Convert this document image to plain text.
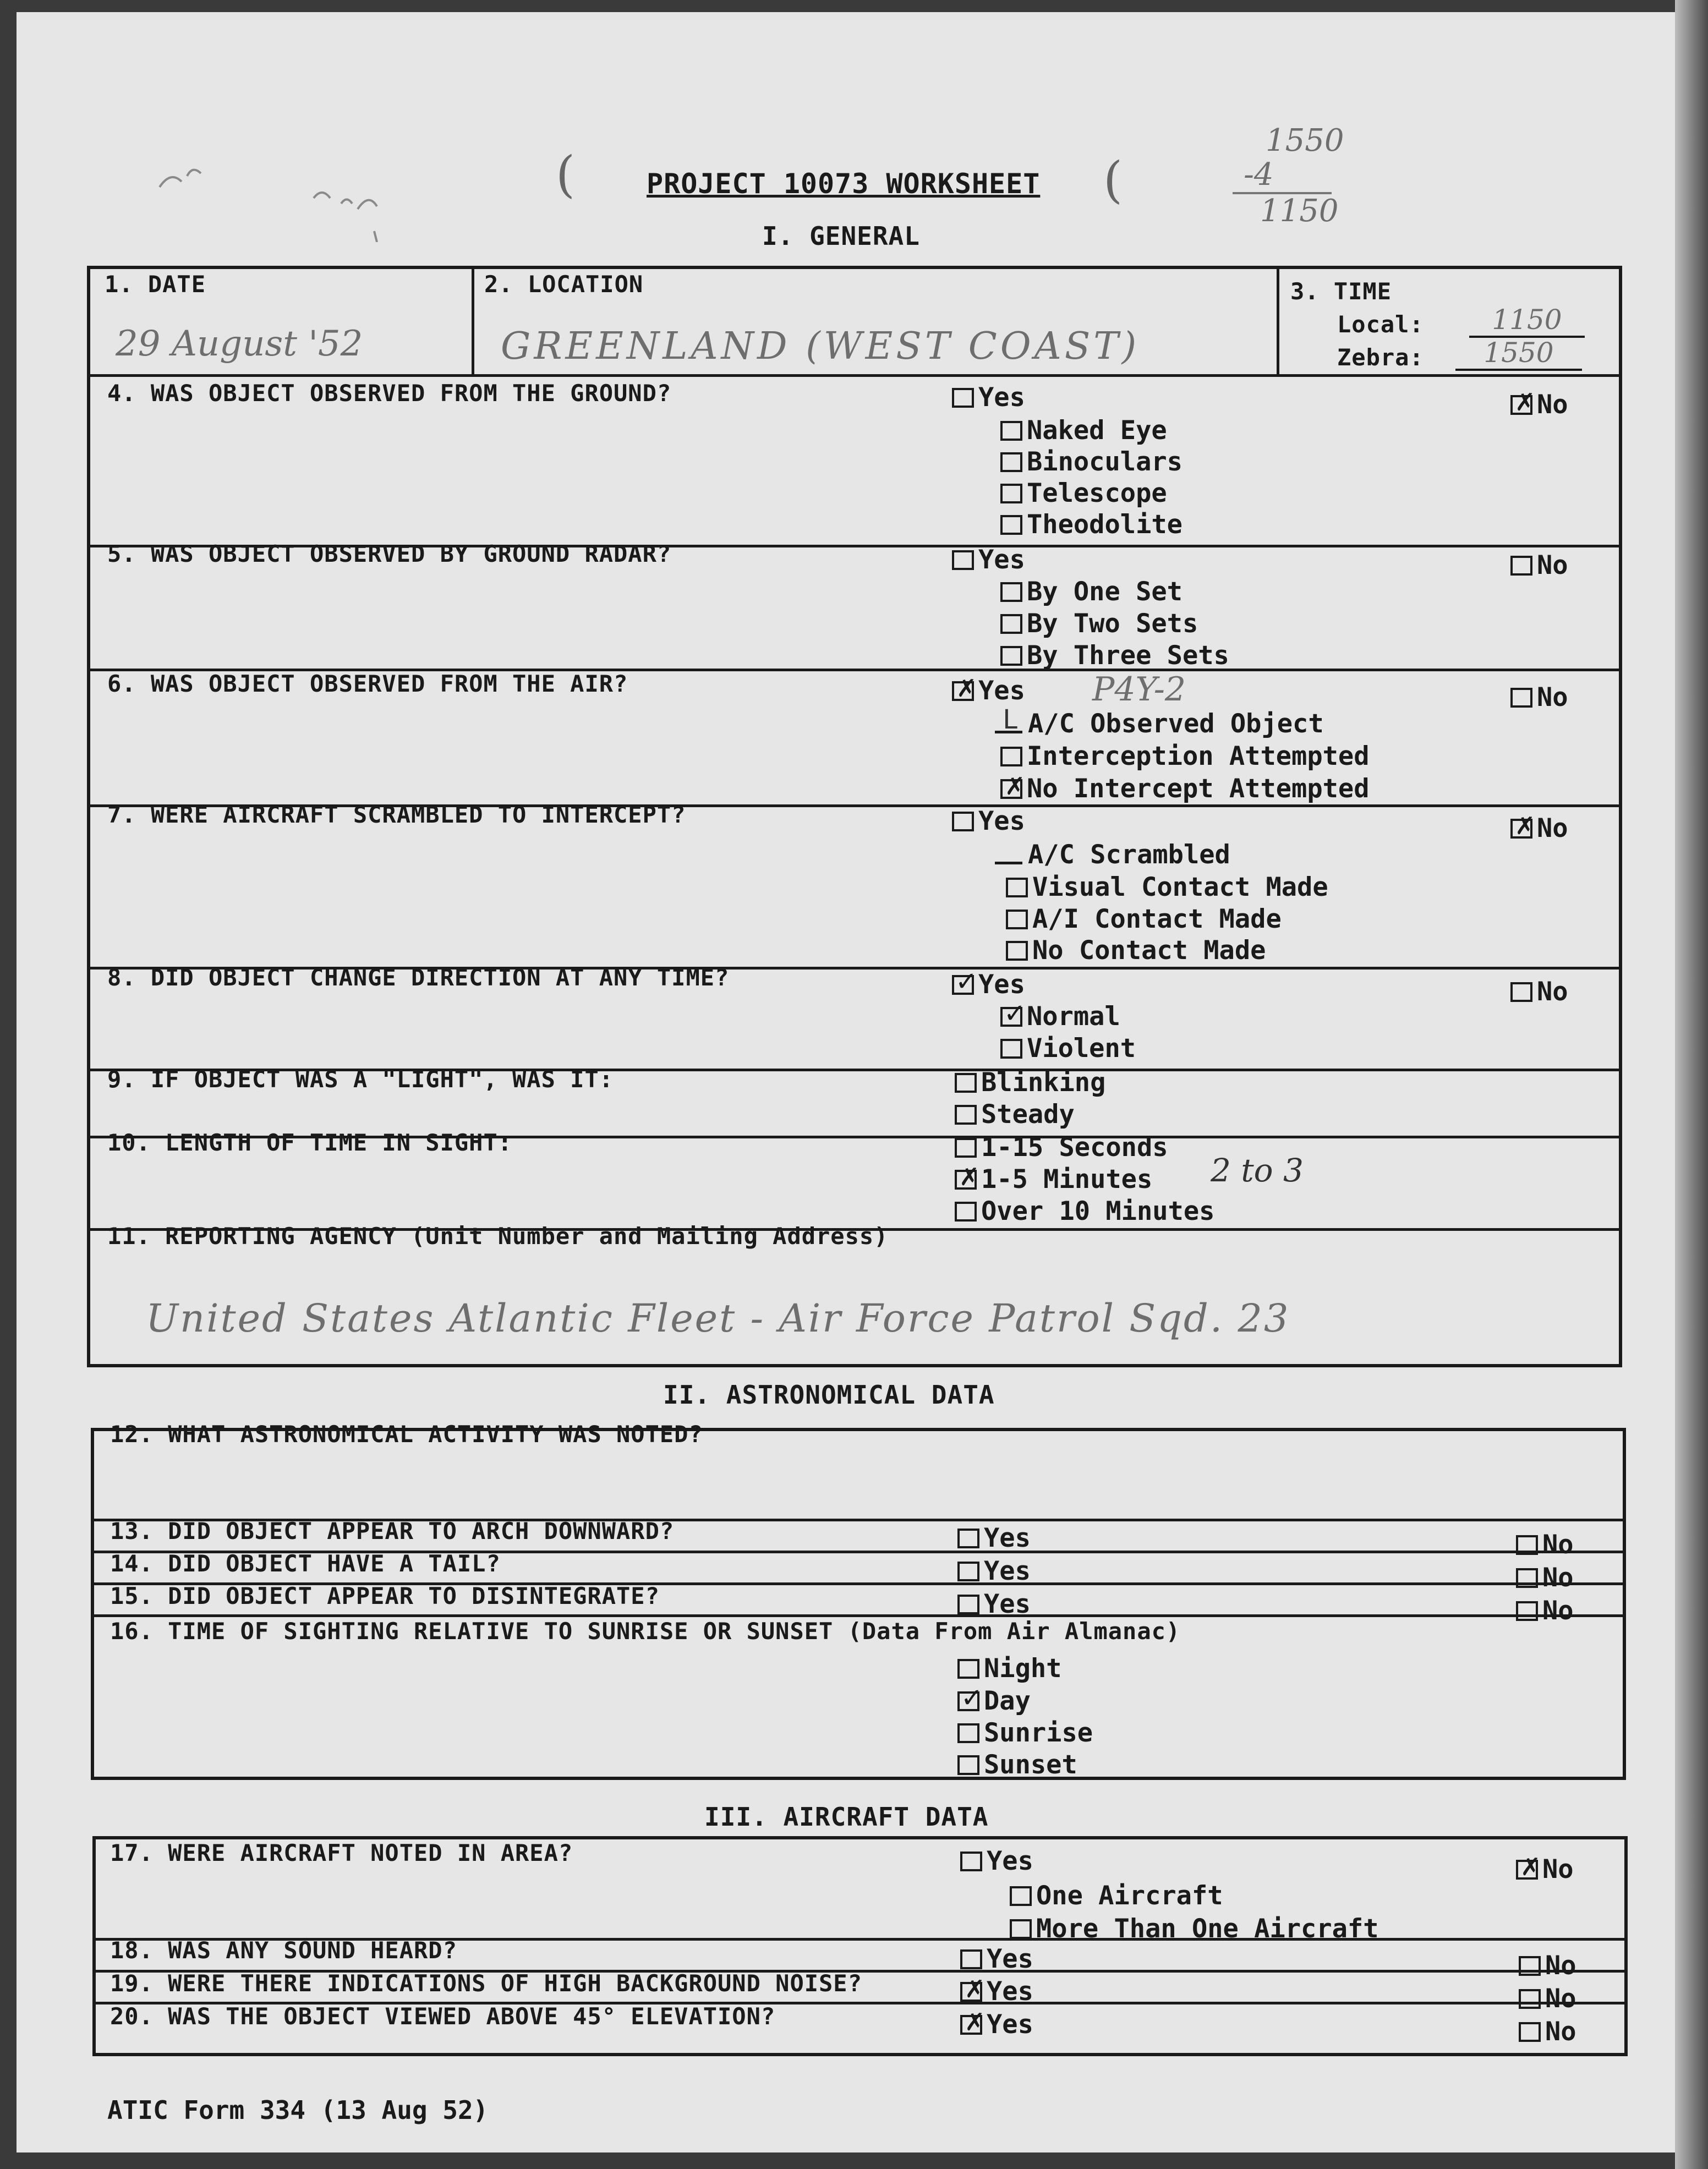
(	(
PROJECT 10073 WORKSHEET
1550
-4
1150
I. GENERAL
1. DATE
29 August '52
2. LOCATION
GREENLAND (WEST COAST)
3. TIME
Local:	1150
Zebra:	1550
4. WAS OBJECT OBSERVED FROM THE GROUND?	Yes ✗	No
Naked Eye
Binoculars
Telescope
Theodolite
5. WAS OBJECT OBSERVED BY GROUND RADAR?	Yes	No
By One Set
By Two Sets
By Three Sets
6. WAS OBJECT OBSERVED FROM THE AIR? ✗	Yes P4Y-2	No
L
A/C Observed Object
Interception Attempted
✗
No Intercept Attempted
7. WERE AIRCRAFT SCRAMBLED TO INTERCEPT?	Yes ✗	No
A/C Scrambled
Visual Contact Made
A/I Contact Made
No Contact Made
8. DID OBJECT CHANGE DIRECTION AT ANY TIME? ✓	Yes	No
✓
Normal
Violent
9. IF OBJECT WAS A "LIGHT", WAS IT:	Blinking
Steady
10. LENGTH OF TIME IN SIGHT:	1-15 Seconds
✗
1-5 Minutes 2 to 3
Over 10 Minutes
11. REPORTING AGENCY (Unit Number and Mailing Address)
United States Atlantic Fleet - Air Force Patrol Sqd. 23
II. ASTRONOMICAL DATA
12. WHAT ASTRONOMICAL ACTIVITY WAS NOTED?
13. DID OBJECT APPEAR TO ARCH DOWNWARD?	Yes	No
14. DID OBJECT HAVE A TAIL?	Yes	No
15. DID OBJECT APPEAR TO DISINTEGRATE?	Yes	No
16. TIME OF SIGHTING RELATIVE TO SUNRISE OR SUNSET (Data From Air Almanac)
Night
✓
Day
Sunrise
Sunset
III. AIRCRAFT DATA
17. WERE AIRCRAFT NOTED IN AREA?	Yes ✗	No
One Aircraft
More Than One Aircraft
18. WAS ANY SOUND HEARD?	Yes	No
19. WERE THERE INDICATIONS OF HIGH BACKGROUND NOISE? ✗	Yes	No
20. WAS THE OBJECT VIEWED ABOVE 45° ELEVATION? ✗	Yes	No
ATIC Form 334 (13 Aug 52)
